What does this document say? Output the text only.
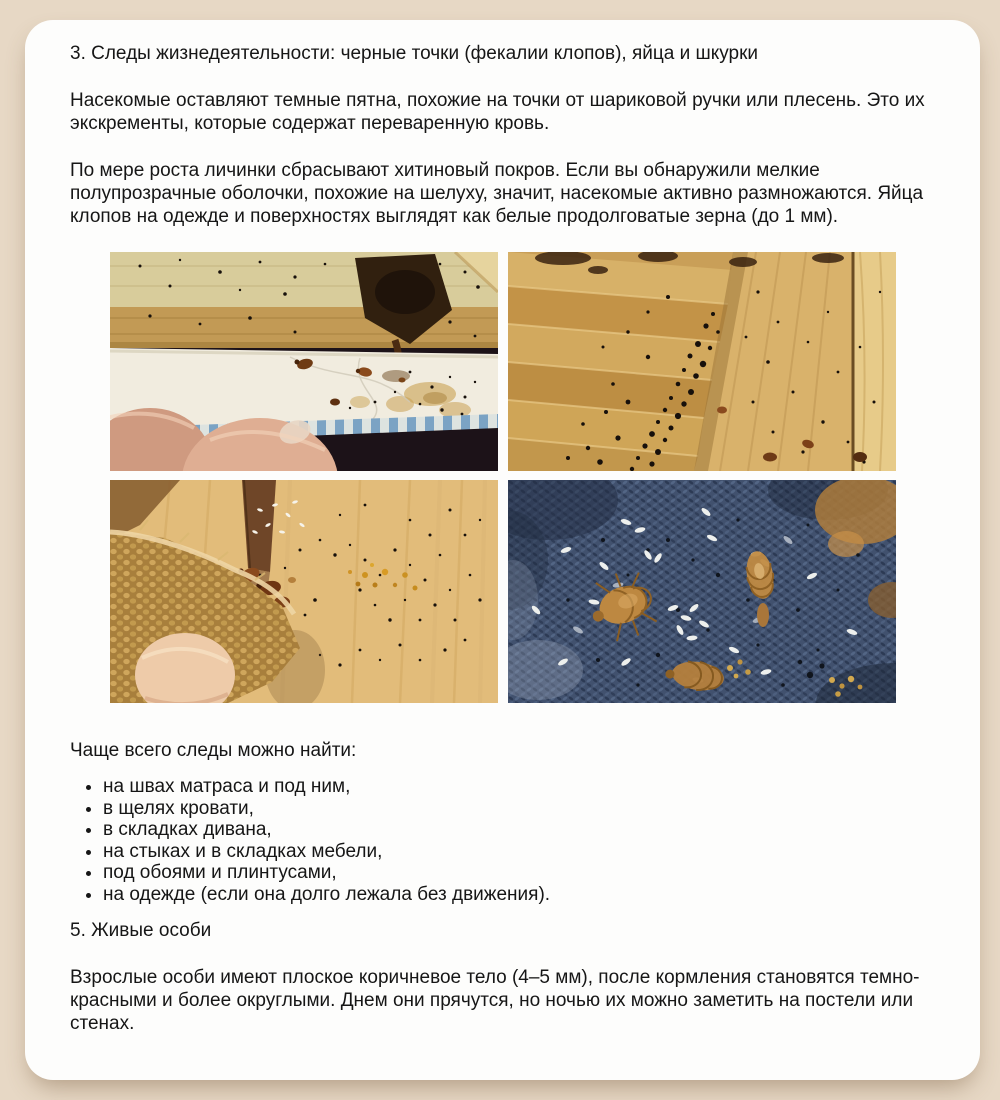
3. Следы жизнедеятельности: черные точки (фекалии клопов), яйца и шкурки

Насекомые оставляют темные пятна, похожие на точки от шариковой ручки или плесень. Это их экскременты, которые содержат переваренную кровь.

По мере роста личинки сбрасывают хитиновый покров. Если вы обнаружили мелкие полупрозрачные оболочки, похожие на шелуху, значит, насекомые активно размножаются. Яйца клопов на одежде и поверхностях выглядят как белые продолговатые зерна (до 1 мм).

Чаще всего следы можно найти:

• на швах матраса и под ним,
• в щелях кровати,
• в складках дивана,
• на стыках и в складках мебели,
• под обоями и плинтусами,
• на одежде (если она долго лежала без движения).
5. Живые особи

Взрослые особи имеют плоское коричневое тело (4–5 мм), после кормления становятся темно-красными и более округлыми. Днем они прячутся, но ночью их можно заметить на постели или стенах.
